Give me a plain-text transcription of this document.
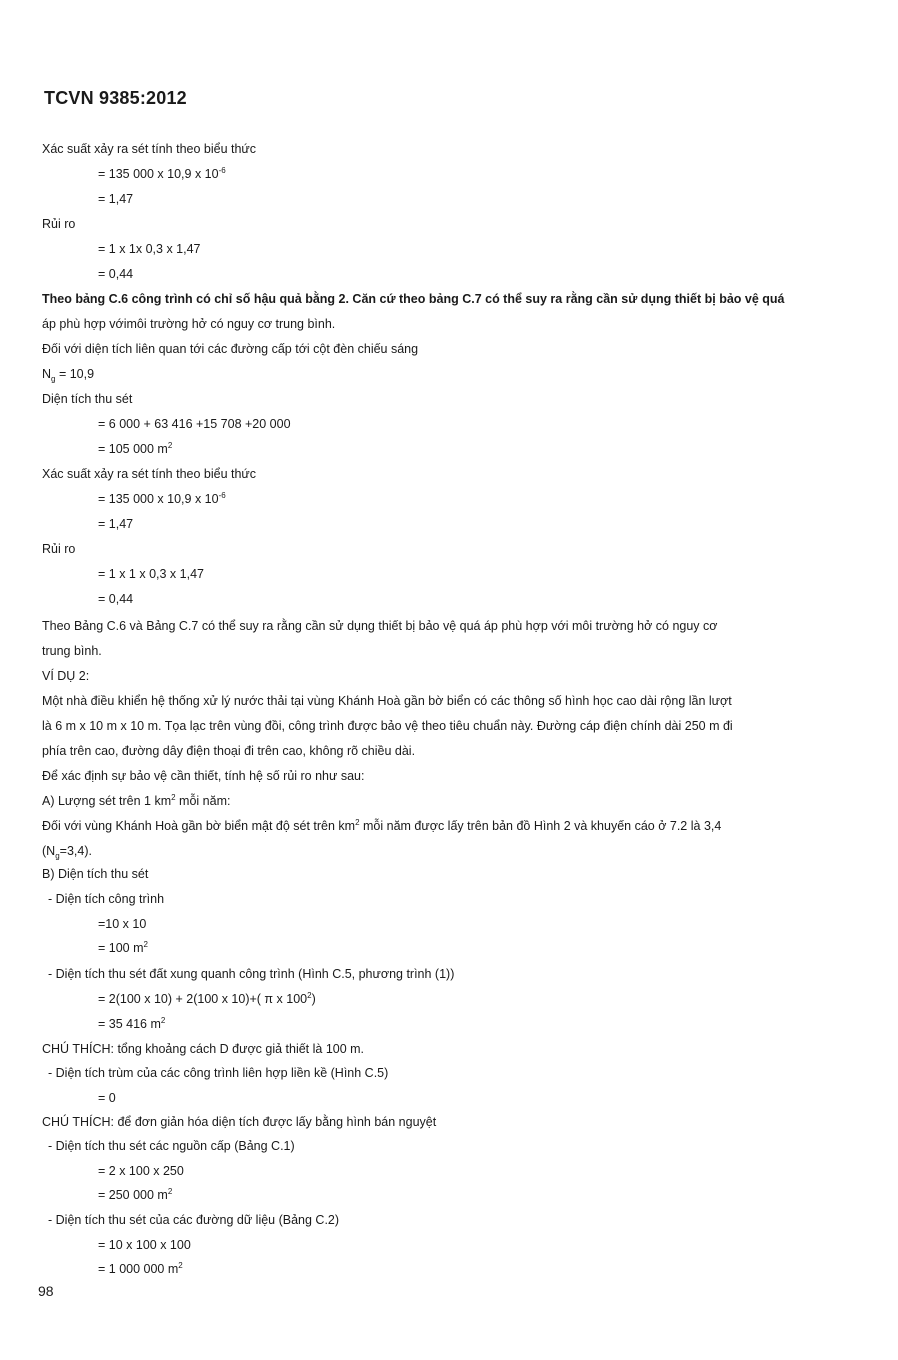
TCVN 9385:2012
Xác suất xảy ra sét tính theo biểu thức
= 135 000 x 10,9 x $10^{-6}$
= 1,47
Rủi ro
= 1 x 1x 0,3 x 1,47
= 0,44
Theo bảng C.6 công trình có chỉ số hậu quả bằng 2. Căn cứ theo bảng C.7 có thể suy ra rằng cần sử dụng thiết bị bảo vệ quá
áp phù hợp vớimôi trường hở có nguy cơ trung bình.
Đối với diện tích liên quan tới các đường cấp tới cột đèn chiếu sáng
$N_g = 10,9$
Diện tích thu sét
= 6 000 + 63 416 +15 708 +20 000
= 105 000 $m^2$
Xác suất xảy ra sét tính theo biểu thức
= 135 000 x 10,9 x $10^{-6}$
= 1,47
Rủi ro
= 1 x 1 x 0,3 x 1,47
= 0,44
Theo Bảng C.6 và Bảng C.7 có thể suy ra rằng cần sử dụng thiết bị bảo vệ quá áp phù hợp với môi trường hở có nguy cơ
trung bình.
VÍ DỤ 2:
Một nhà điều khiển hệ thống xử lý nước thải tại vùng Khánh Hoà gần bờ biển có các thông số hình học cao dài rộng lần lượt
là 6 m x 10 m x 10 m. Tọa lạc trên vùng đồi, công trình được bảo vệ theo tiêu chuẩn này. Đường cáp điện chính dài 250 m đi
phía trên cao, đường dây điện thoại đi trên cao, không rõ chiều dài.
Để xác định sự bảo vệ cần thiết, tính hệ số rủi ro như sau:
A) Lượng sét trên 1 $km^2$ mỗi năm:
Đối với vùng Khánh Hoà gần bờ biển mật độ sét trên $km^2$ mỗi năm được lấy trên bản đồ Hình 2 và khuyến cáo ở 7.2 là 3,4
$(N_g=3,4)$.
B) Diện tích thu sét
- Diện tích công trình
=10 x 10
= 100 $m^2$
- Diện tích thu sét đất xung quanh công trình (Hình C.5, phương trình (1))
= 2(100 x 10) + 2(100 x 10)+( π x $100^2$)
= 35 416 $m^2$
CHÚ THÍCH: tổng khoảng cách D được giả thiết là 100 m.
- Diện tích trùm của các công trình liên hợp liền kề (Hình C.5)
= 0
CHÚ THÍCH: để đơn giản hóa diện tích được lấy bằng hình bán nguyệt
- Diện tích thu sét các nguồn cấp (Bảng C.1)
= 2 x 100 x 250
= 250 000 $m^2$
- Diện tích thu sét của các đường dữ liệu (Bảng C.2)
= 10 x 100 x 100
= 1 000 000 $m^2$
98
